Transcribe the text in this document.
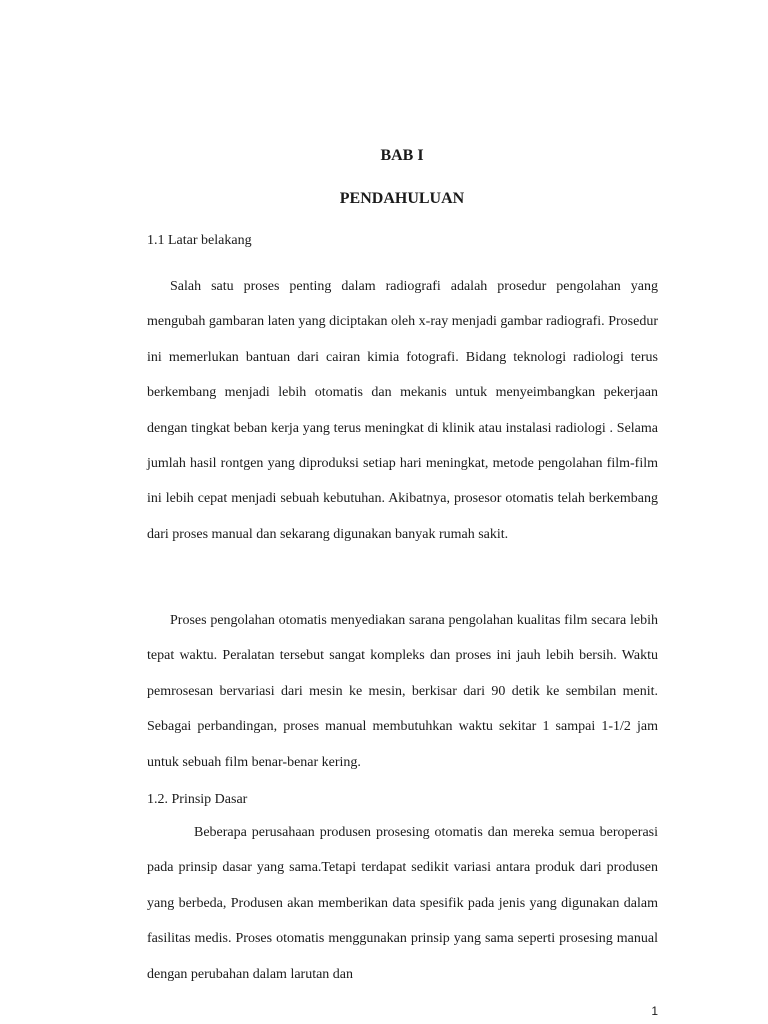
BAB I
PENDAHULUAN
1.1 Latar belakang

Salah satu proses penting dalam radiografi adalah prosedur pengolahan yang mengubah gambaran laten yang diciptakan oleh x-ray menjadi gambar radiografi. Prosedur ini memerlukan bantuan dari cairan kimia fotografi. Bidang teknologi radiologi terus berkembang menjadi lebih otomatis dan mekanis untuk menyeimbangkan pekerjaan dengan tingkat beban kerja yang terus meningkat di klinik atau instalasi radiologi . Selama jumlah hasil rontgen yang diproduksi setiap hari meningkat, metode pengolahan film-film ini lebih cepat menjadi sebuah kebutuhan. Akibatnya, prosesor otomatis telah berkembang dari proses manual dan sekarang digunakan banyak rumah sakit.

Proses pengolahan otomatis menyediakan sarana pengolahan kualitas film secara lebih tepat waktu. Peralatan tersebut sangat kompleks dan proses ini jauh lebih bersih. Waktu pemrosesan bervariasi dari mesin ke mesin, berkisar dari 90 detik ke sembilan menit. Sebagai perbandingan, proses manual membutuhkan waktu sekitar 1 sampai 1-1/2 jam untuk sebuah film benar-benar kering.

1.2. Prinsip Dasar

Beberapa perusahaan produsen prosesing otomatis dan mereka semua beroperasi pada prinsip dasar yang sama.Tetapi terdapat sedikit variasi antara produk dari produsen yang berbeda, Produsen akan memberikan data spesifik pada jenis yang digunakan dalam fasilitas medis. Proses otomatis menggunakan prinsip yang sama seperti prosesing manual dengan perubahan dalam larutan dan

1
